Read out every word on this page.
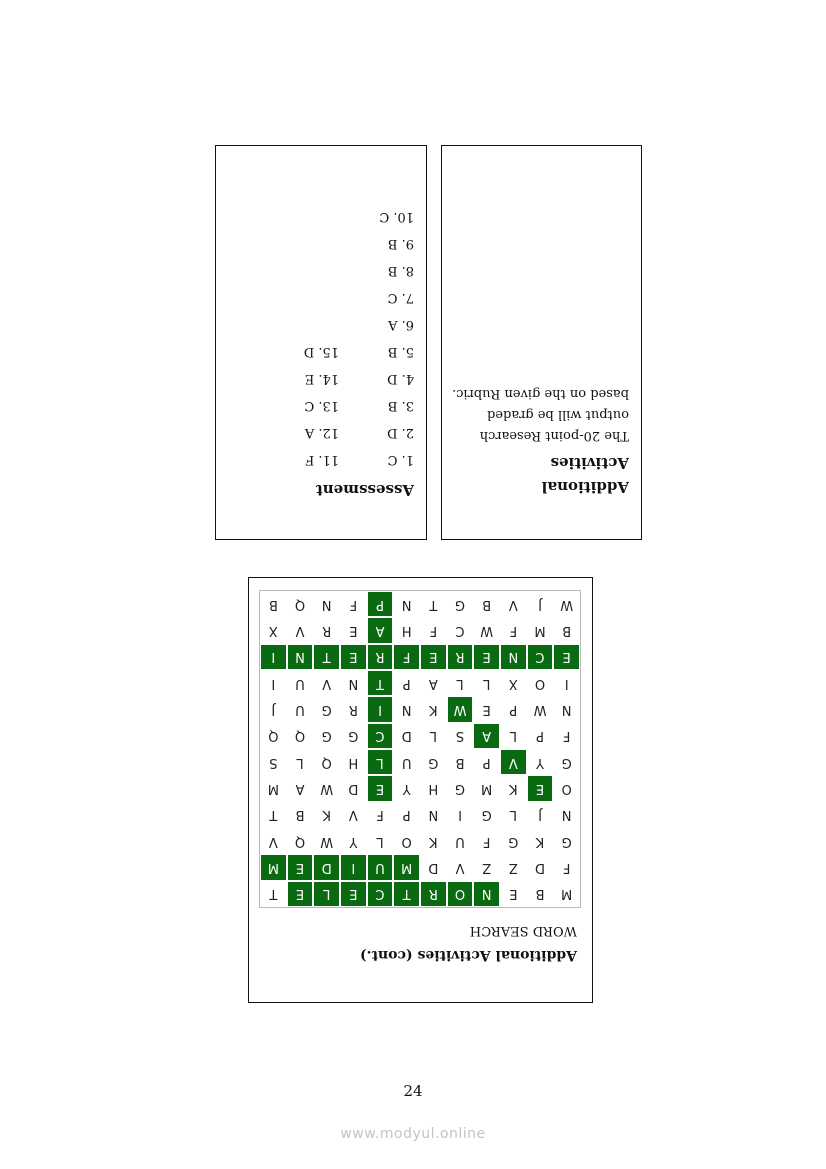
Assessment
1. C
2. D
3. B
4. D
5. B
6. A
7. C
8. B
9. B
10. C
11. F
12. A
13. C
14. E
15. D
Additional Activities
The 20-point Research output will be graded based on the given Rubric.
Additional Activities (cont.)
WORD SEARCH
M
B
E
N
O
R
T
C
E
L
E
T
F
D
Z
Z
V
D
M
U
I
D
E
M
G
K
G
F
U
K
O
L
Y
W
Q
V
N
J
L
G
I
N
P
F
V
K
B
T
O
E
K
M
G
H
Y
E
D
W
A
M
G
Y
V
P
B
G
U
L
H
Q
L
S
F
P
L
A
S
L
D
C
G
G
Q
Q
N
W
P
E
W
K
N
I
R
G
U
J
I
O
X
L
L
A
P
T
N
V
U
I
E
C
N
E
R
E
F
R
E
T
N
I
B
M
F
W
C
F
H
A
E
R
V
X
W
J
V
B
G
T
N
P
F
N
Q
B
24
www.modyul.online
